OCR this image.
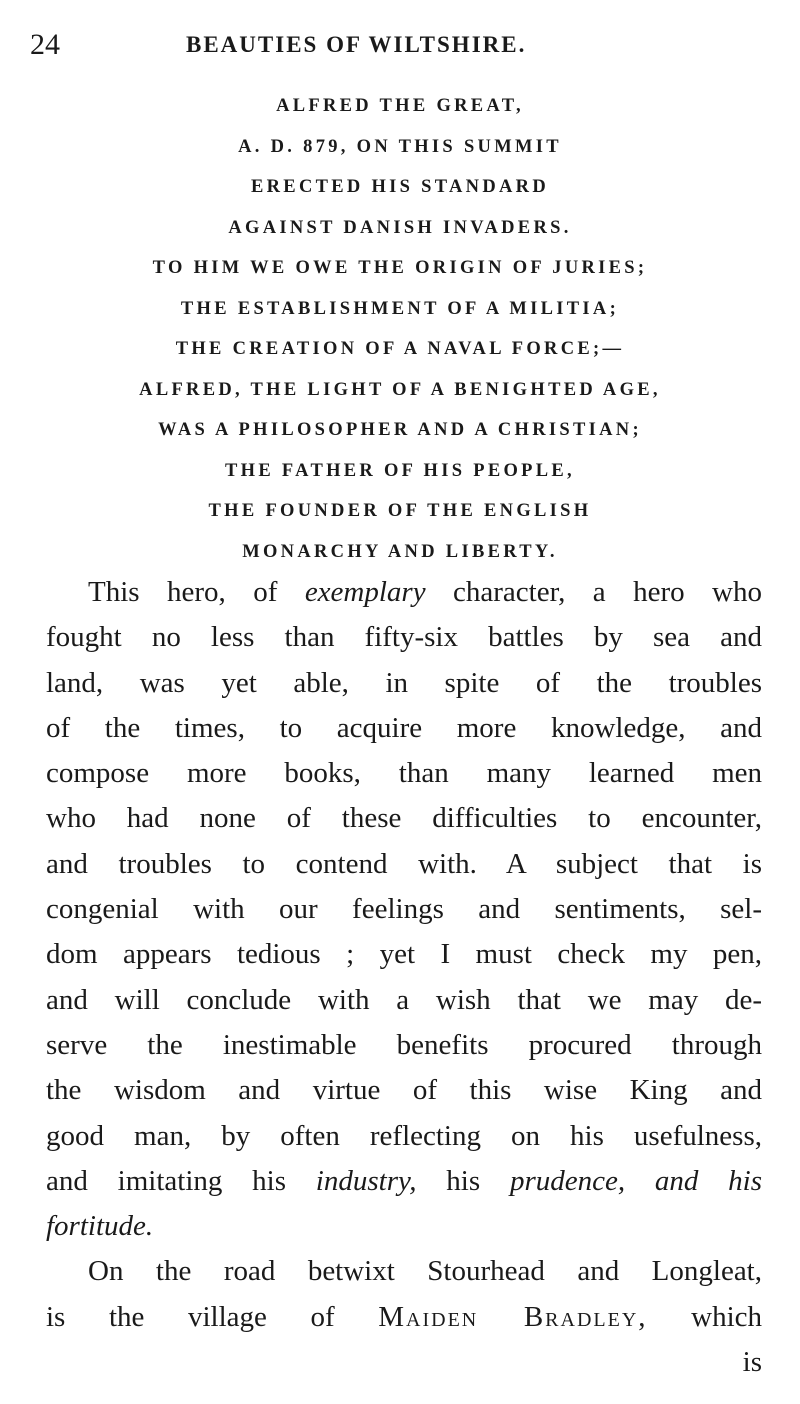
24	BEAUTIES OF WILTSHIRE.
ALFRED THE GREAT,
A. D. 879, ON THIS SUMMIT
ERECTED HIS STANDARD
AGAINST DANISH INVADERS.
TO HIM WE OWE THE ORIGIN OF JURIES;
THE ESTABLISHMENT OF A MILITIA;
THE CREATION OF A NAVAL FORCE;—
ALFRED, THE LIGHT OF A BENIGHTED AGE,
WAS A PHILOSOPHER AND A CHRISTIAN;
THE FATHER OF HIS PEOPLE,
THE FOUNDER OF THE ENGLISH
MONARCHY AND LIBERTY.
This hero, of exemplary character, a hero who
fought no less than fifty-six battles by sea and
land, was yet able, in spite of the troubles
of the times, to acquire more knowledge, and
compose more books, than many learned men
who had none of these difficulties to encounter,
and troubles to contend with. A subject that is
congenial with our feelings and sentiments, sel-
dom appears tedious ; yet I must check my pen,
and will conclude with a wish that we may de-
serve the inestimable benefits procured through
the wisdom and virtue of this wise King and
good man, by often reflecting on his usefulness,
and imitating his industry, his prudence, and his
fortitude.
On the road betwixt Stourhead and Longleat,
is the village of Maiden Bradley, which
is
